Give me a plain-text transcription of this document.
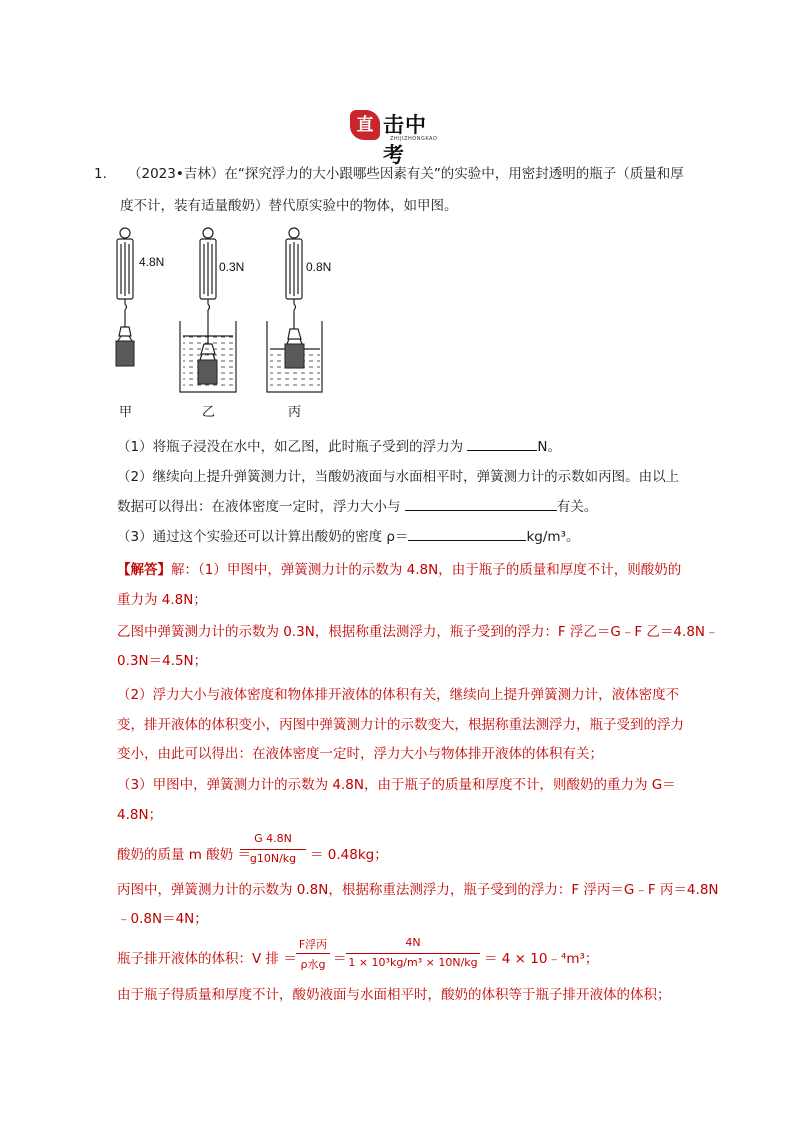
直 击中考
ZHIJIZHONGKAO
1. （2023•吉林）在“探究浮力的大小跟哪些因素有关”的实验中，用密封透明的瓶子（质量和厚
度不计，装有适量酸奶）替代原实验中的物体，如甲图。
4.8N
甲
0.3N
乙
0.8N
丙
（1）将瓶子浸没在水中，如乙图，此时瓶子受到的浮力为	N。
（2）继续向上提升弹簧测力计，当酸奶液面与水面相平时，弹簧测力计的示数如丙图。由以上
数据可以得出：在液体密度一定时，浮力大小与	有关。
（3）通过这个实验还可以计算出酸奶的密度 ρ＝	kg/m³。
【解答】解：（1）甲图中，弹簧测力计的示数为 4.8N，由于瓶子的质量和厚度不计，则酸奶的
重力为 4.8N；
乙图中弹簧测力计的示数为 0.3N，根据称重法测浮力，瓶子受到的浮力：F 浮乙＝G﹣F 乙＝4.8N﹣
0.3N＝4.5N；
（2）浮力大小与液体密度和物体排开液体的体积有关，继续向上提升弹簧测力计，液体密度不
变，排开液体的体积变小，丙图中弹簧测力计的示数变大，根据称重法测浮力，瓶子受到的浮力
变小，由此可以得出：在液体密度一定时，浮力大小与物体排开液体的体积有关；
（3）甲图中，弹簧测力计的示数为 4.8N，由于瓶子的质量和厚度不计，则酸奶的重力为 G＝
4.8N；
酸奶的质量 m 酸奶 ＝
G 4.8N
g10N/kg	＝ 0.48kg；
丙图中，弹簧测力计的示数为 0.8N，根据称重法测浮力，瓶子受到的浮力：F 浮丙＝G﹣F 丙＝4.8N
﹣0.8N＝4N；
瓶子排开液体的体积：V 排 ＝
F浮丙
ρ水g ＝
4N
1 × 10³kg/m³ × 10N/kg ＝ 4 × 10﹣⁴m³；
由于瓶子得质量和厚度不计，酸奶液面与水面相平时，酸奶的体积等于瓶子排开液体的体积；
